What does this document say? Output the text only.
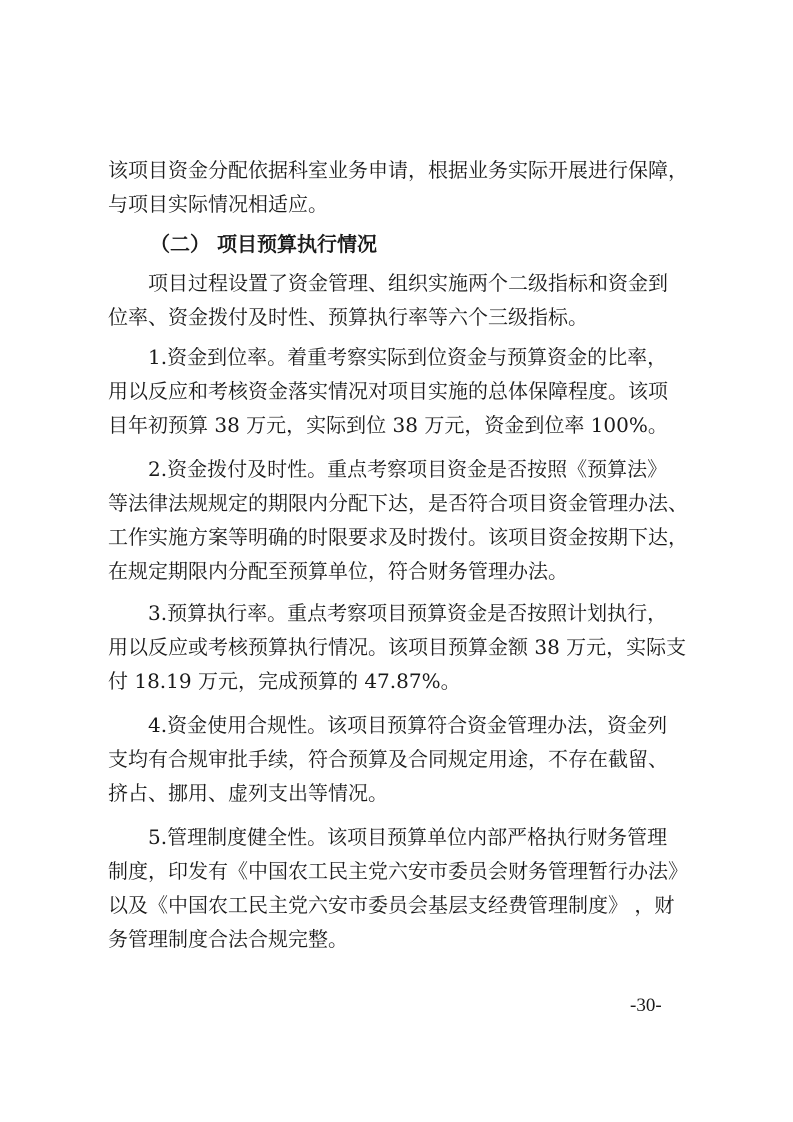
该项目资金分配依据科室业务申请，根据业务实际开展进行保障，
与项目实际情况相适应。

（二） 项目预算执行情况

项目过程设置了资金管理、组织实施两个二级指标和资金到
位率、资金拨付及时性、预算执行率等六个三级指标。

1.资金到位率。着重考察实际到位资金与预算资金的比率，
用以反应和考核资金落实情况对项目实施的总体保障程度。该项
目年初预算 38 万元，实际到位 38 万元，资金到位率 100%。

2.资金拨付及时性。重点考察项目资金是否按照《预算法》
等法律法规规定的期限内分配下达，是否符合项目资金管理办法、
工作实施方案等明确的时限要求及时拨付。该项目资金按期下达，
在规定期限内分配至预算单位，符合财务管理办法。

3.预算执行率。重点考察项目预算资金是否按照计划执行，
用以反应或考核预算执行情况。该项目预算金额 38 万元，实际支
付 18.19 万元，完成预算的 47.87%。

4.资金使用合规性。该项目预算符合资金管理办法，资金列
支均有合规审批手续，符合预算及合同规定用途，不存在截留、
挤占、挪用、虚列支出等情况。

5.管理制度健全性。该项目预算单位内部严格执行财务管理
制度，印发有《中国农工民主党六安市委员会财务管理暂行办法》
以及《中国农工民主党六安市委员会基层支经费管理制度》 ，财
务管理制度合法合规完整。

-30-
